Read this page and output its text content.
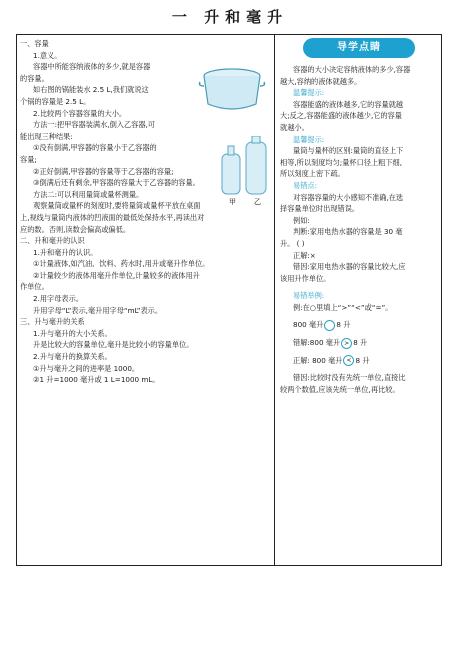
一 升和毫升
一、容量
1.意义。
容器中所能容纳液体的多少,就是容器
的容量。
如右图的锅能装水 2.5 L,我们就说这
个锅的容量是 2.5 L。
2.比较两个容器容量的大小。
方法一:把甲容器装满水,倒入乙容器,可
能出现三种结果:
①没有倒满,甲容器的容量小于乙容器的
容量;
②正好倒满,甲容器的容量等于乙容器的容量;
③倒满后还有剩余,甲容器的容量大于乙容器的容量。
方法二:可以利用量筒或量杯测量。
观察量筒或量杯的刻度时,要将量筒或量杯平放在桌面
上,视线与量筒内液体的凹液面的最低处保持水平,再读出对
应的数。否则,读数会偏高或偏低。
二、升和毫升的认识
1.升和毫升的认识。
①计量液体,如汽油、饮料、药水时,用升或毫升作单位。
②计量较少的液体用毫升作单位,计量较多的液体用升
作单位。
2.用字母表示。
升用字母“L”表示,毫升用字母“mL”表示。
三、升与毫升的关系
1.升与毫升的大小关系。
升是比较大的容量单位,毫升是比较小的容量单位。
2.升与毫升的换算关系。
①升与毫升之间的进率是 1000。
②1 升=1000 毫升或 1 L=1000 mL。
甲	乙
导学点睛
容器的大小决定容纳液体的多少,容器
越大,容纳的液体就越多。
温馨提示:
容器能盛的液体越多,它的容量就越
大;反之,容器能盛的液体越少,它的容量
就越小。
温馨提示:
量筒与量杯的区别:量筒的直径上下
相等,所以刻度均匀;量杯口径上粗下细,
所以刻度上密下疏。
易错点:
对容器容量的大小感知不准确,在选
择容量单位时出现错误。
例如:
判断:家用电热水器的容量是 30 毫
升。 ( )
正解:×
错因:家用电热水器的容量比较大,应
该用升作单位。
易错举例:
例:在○里填上“>”“<”或“=”。
800 毫升 8 升
错解:800 毫升 > 8 升
正解: 800 毫升 < 8 升
错因:比较时没有先统一单位,直接比
较两个数值,应该先统一单位,再比较。
